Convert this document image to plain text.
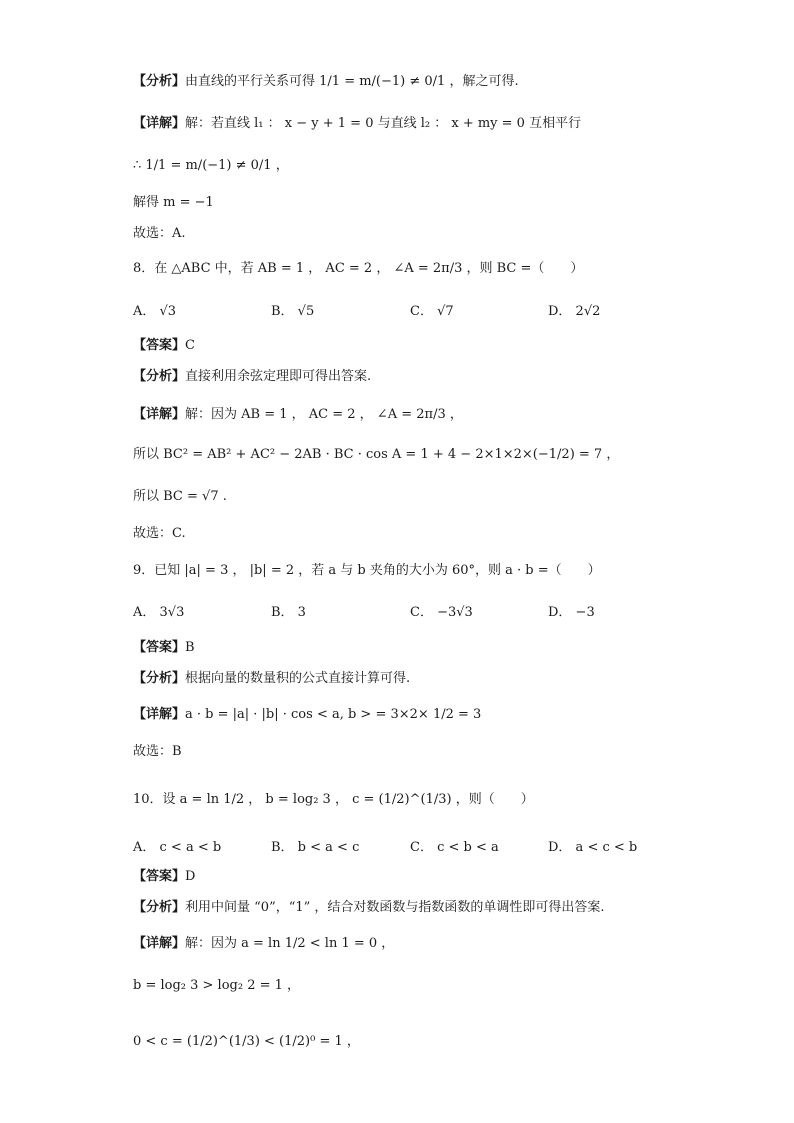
【分析】由直线的平行关系可得 1/1 = m/(−1) ≠ 0/1 ，解之可得.
【详解】解：若直线 l₁ ： x − y + 1 = 0 与直线 l₂ ： x + my = 0 互相平行
∴ 1/1 = m/(−1) ≠ 0/1 ，
解得 m = −1
故选：A.
8．在 △ABC 中，若 AB = 1 ， AC = 2 ， ∠A = 2π/3 ，则 BC =（　　）
A． √3	B． √5	C． √7	D． 2√2
【答案】C
【分析】直接利用余弦定理即可得出答案.
【详解】解：因为 AB = 1 ， AC = 2 ， ∠A = 2π/3 ，
所以 BC² = AB² + AC² − 2AB · BC · cos A = 1 + 4 − 2×1×2×(−1/2) = 7 ，
所以 BC = √7 .
故选：C.
9．已知 |a| = 3 ， |b| = 2 ，若 a 与 b 夹角的大小为 60°，则 a · b =（　　）
A． 3√3	B． 3	C． −3√3	D． −3
【答案】B
【分析】根据向量的数量积的公式直接计算可得.
【详解】a · b = |a| · |b| · cos < a, b > = 3×2× 1/2 = 3
故选：B
10．设 a = ln 1/2 ， b = log₂ 3 ， c = (1/2)^(1/3) ，则（　　）
A． c < a < b	B． b < a < c	C． c < b < a	D． a < c < b
【答案】D
【分析】利用中间量 “0”，“1” ，结合对数函数与指数函数的单调性即可得出答案.
【详解】解：因为 a = ln 1/2 < ln 1 = 0 ，
b = log₂ 3 > log₂ 2 = 1 ，
0 < c = (1/2)^(1/3) < (1/2)⁰ = 1 ，
